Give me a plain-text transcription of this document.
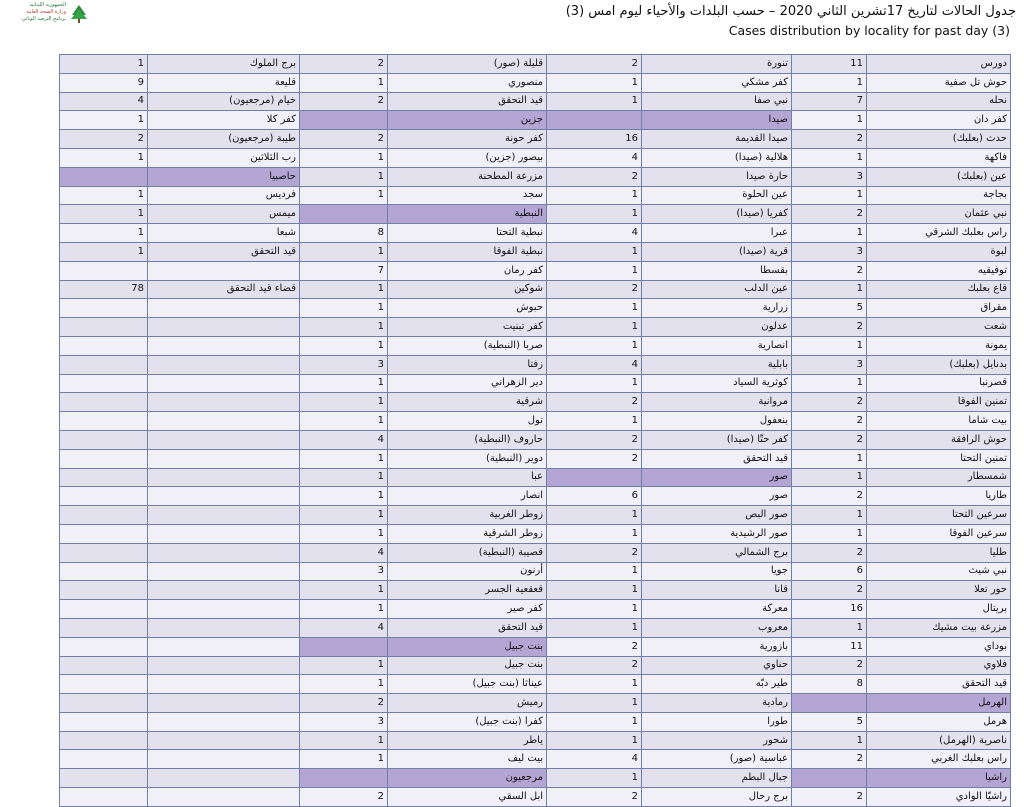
الجمهورية اللبنانية
وزارة الصحة العامة
برنامج الترصد الوبائي	جدول الحالات لتاريخ 17تشرين الثاني 2020 – حسب البلدات والأحياء ليوم امس (3)
Cases distribution by locality for past day (3)
1	برج الملوك	2	قليلة (صور)	2	تنورة	11	دورس
9	قليعة	1	منصوري	1	كفر مشكي	1	حوش تل صفية
4	خيام (مرجعيون)	2	قيد التحقق	1	نبي صفا	7	نحله
1	كفر كلا		جزين		صيدا	1	كفر دان
2	طيبة (مرجعيون)	2	كفر حونة	16	صيدا القديمة	2	حدث (بعلبك)
1	رب الثلاثين	1	بيصور (جزين)	4	هلالية (صيدا)	1	فاكهة
	حاصبيا	1	مزرعة المطحنة	2	حارة صيدا	3	عين (بعلبك)
1	فرديس	1	سجد	1	عين الحلوة	1	بجاجة
1	ميمس		النبطية	1	كفريا (صيدا)	2	نبي عثمان
1	شبعا	8	نبطية التحتا	4	عبرا	1	راس بعلبك الشرقي
1	قيد التحقق	1	نبطية الفوقا	1	قرية (صيدا)	3	لبوة
		7	كفر رمان	1	بقسطا	2	توفيقيه
78	قضاء قيد التحقق	1	شوكين	2	عين الدلب	1	قاع بعلبك
		1	حبوش	1	زرارية	5	مقراق
		1	كفر تبنيت	1	عدلون	2	شعت
		1	صربا (النبطية)	1	انصارية	1	يمونة
		3	زفتا	4	بابلية	3	بدنايل (بعلبك)
		1	دير الزهراني	1	كوثرية السياد	1	قصرنبا
		1	شرقية	2	مروانية	2	تمنين الفوقا
		1	تول	1	بنعفول	2	بيت شاما
		4	حاروف (النبطية)	2	كفر حتّا (صيدا)	2	حوش الرافقة
		1	دوير (النبطية)	2	قيد التحقق	1	تمنين التحتا
		1	عبا		صور	1	شمسطار
		1	انصار	6	صور	2	طاريا
		1	زوطر الغربية	1	صور البص	1	سرعين التحتا
		1	زوطر الشرقية	1	صور الرشيدية	1	سرعين الفوقا
		4	قصيبة (النبطية)	2	برج الشمالي	2	طليا
		3	أرنون	1	جويا	6	نبي شيث
		1	قعقعية الجسر	1	قانا	2	حور تعلا
		1	كفر صير	1	معركة	16	بريتال
		4	قيد التحقق	1	معروب	1	مزرعة بيت مشيك
			بنت جبيل	2	بازورية	11	بوداي
		1	بنت جبيل	2	حناوي	2	فلاوي
		1	عيناثا (بنت جبيل)	1	طير دبّه	8	قيد التحقق
		2	رميش	1	رمادية		الهرمل
		3	كفرا (بنت جبيل)	1	طورا	5	هرمل
		1	ياطر	1	شحور	1	ناصرية (الهرمل)
		1	بيت ليف	4	عباسية (صور)	2	راس بعلبك الغربي
			مرجعيون	1	جبال البطم		راشيا
		2	ابل السقي	2	برج رحال	2	راشيّا الوادي
